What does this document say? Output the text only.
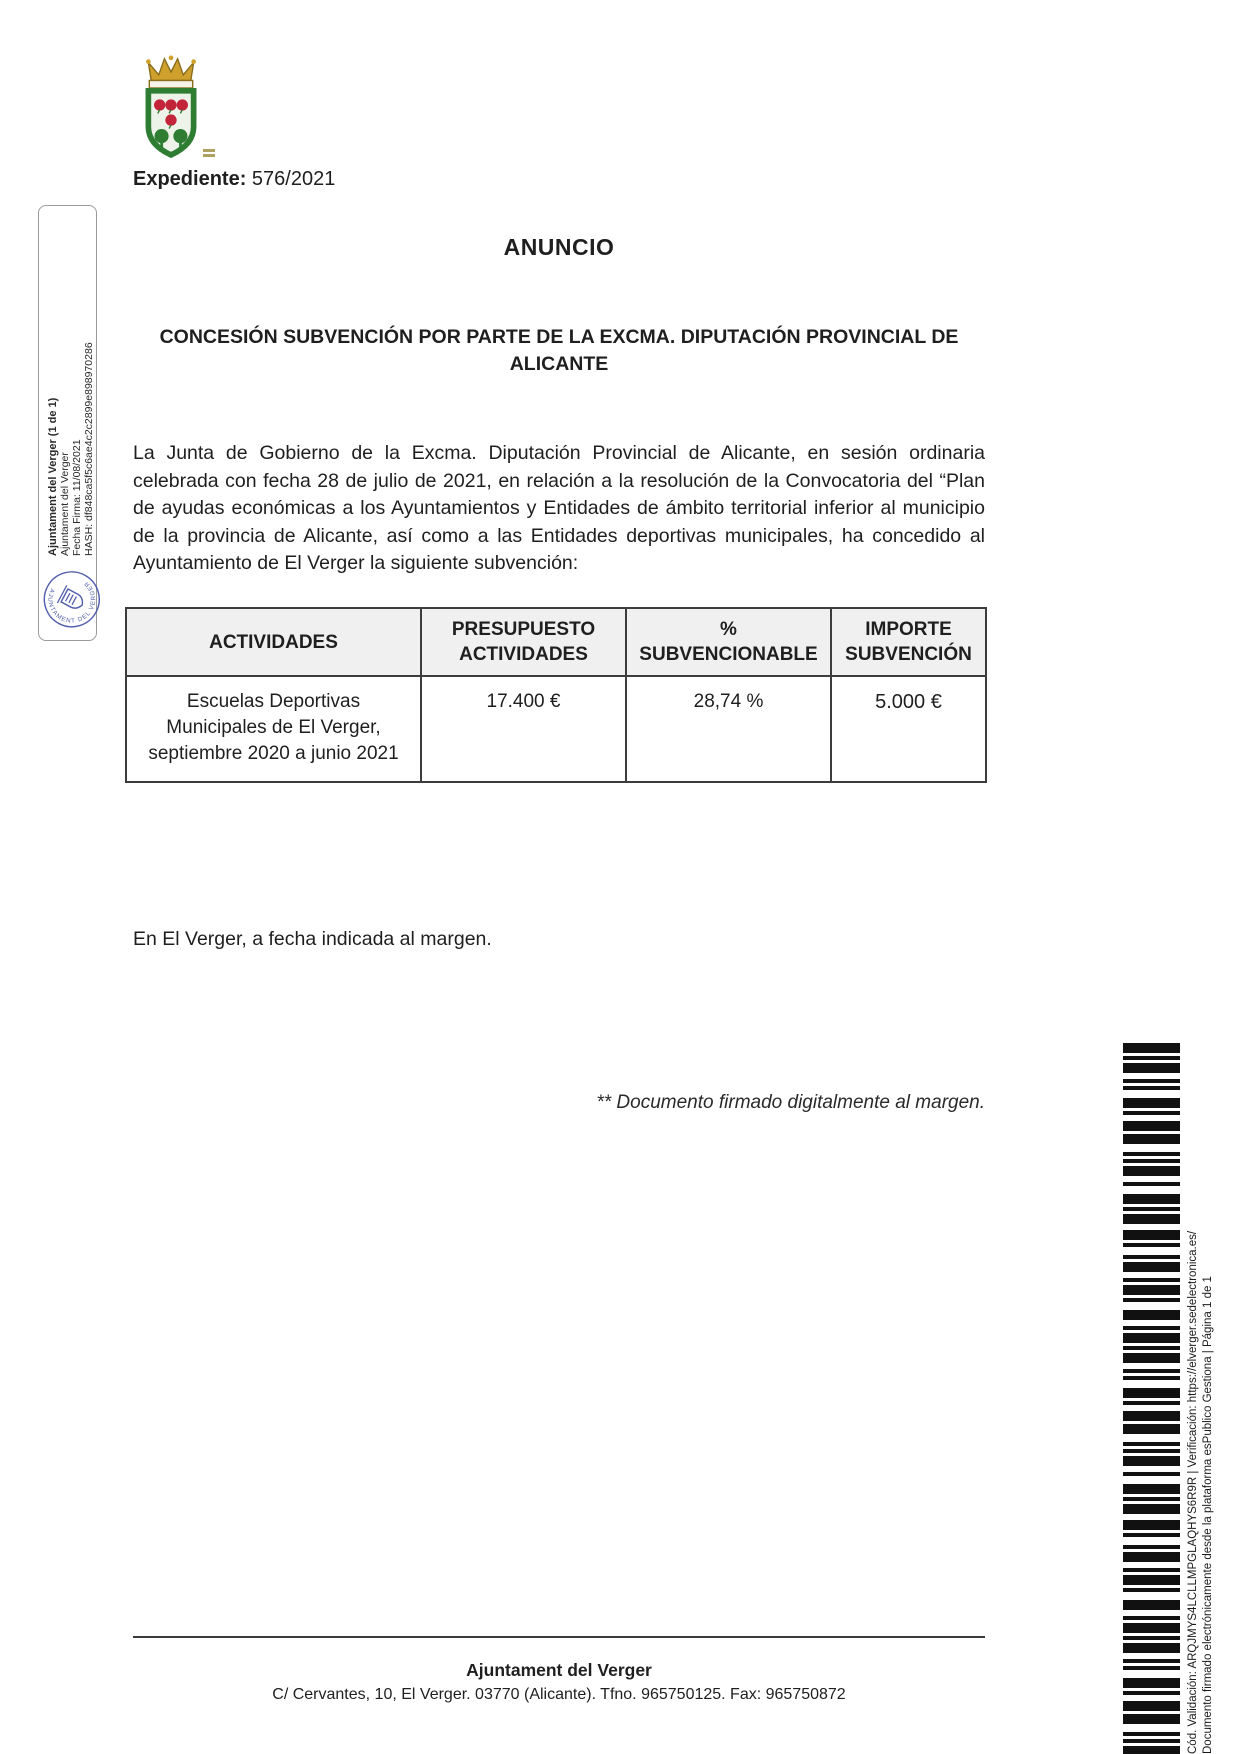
Expediente: 576/2021
Ajuntament del Verger (1 de 1) Ajuntament del Verger Fecha Firma: 11/08/2021 HASH: df848ca5f5c6ae4c2c2899e898970286
AJUNTAMENT DEL VERGER
ANUNCIO
CONCESIÓN SUBVENCIÓN POR PARTE DE LA EXCMA. DIPUTACIÓN PROVINCIAL DE ALICANTE
La Junta de Gobierno de la Excma. Diputación Provincial de Alicante, en sesión ordinaria celebrada con fecha 28 de julio de 2021, en relación a la resolución de la Convocatoria del “Plan de ayudas económicas a los Ayuntamientos y Entidades de ámbito territorial inferior al municipio de la provincia de Alicante, así como a las Entidades deportivas municipales, ha concedido al Ayuntamiento de El Verger la siguiente subvención:
ACTIVIDADES	PRESUPUESTO ACTIVIDADES	% SUBVENCIONABLE	IMPORTE SUBVENCIÓN
Escuelas Deportivas Municipales de El Verger, septiembre 2020 a junio 2021	17.400 €	28,74 %	5.000 €
En El Verger, a fecha indicada al margen.
** Documento firmado digitalmente al margen.
Cód. Validación: ARQJMYS4LCLLMPGLAQHYS6R9R | Verificación: https://elverger.sedelectronica.es/ Documento firmado electrónicamente desde la plataforma esPublico Gestiona | Página 1 de 1
Ajuntament del Verger
C/ Cervantes, 10, El Verger. 03770 (Alicante). Tfno. 965750125. Fax: 965750872
